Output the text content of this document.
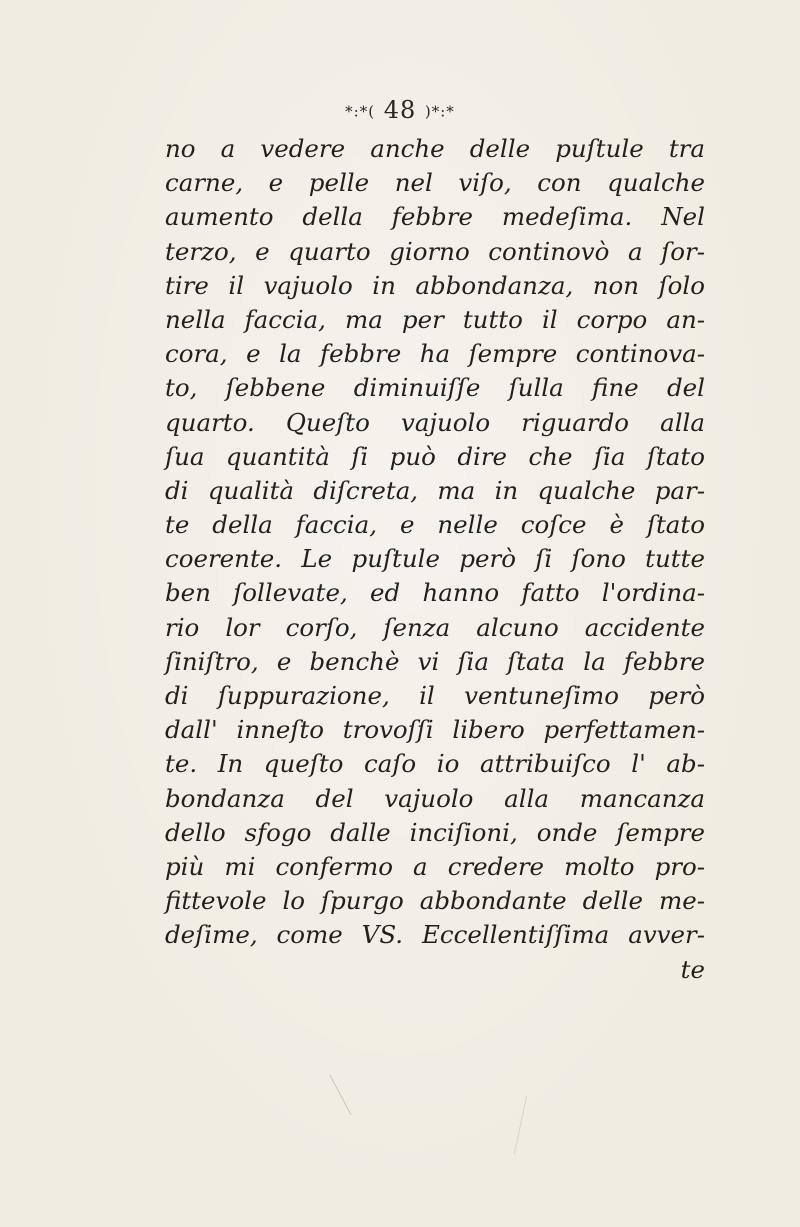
*:*( 48 )*:*
no a vedere anche delle puſtule tra
carne, e pelle nel viſo, con qualche
aumento della febbre medeſima. Nel
terzo, e quarto giorno continovò a ſor-
tire il vajuolo in abbondanza, non ſolo
nella faccia, ma per tutto il corpo an-
cora, e la febbre ha ſempre continova-
to, ſebbene diminuiſſe ſulla fine del
quarto. Queſto vajuolo riguardo alla
ſua quantità ſi può dire che ſia ſtato
di qualità diſcreta, ma in qualche par-
te della faccia, e nelle coſce è ſtato
coerente. Le puſtule però ſi ſono tutte
ben ſollevate, ed hanno fatto l'ordina-
rio lor corſo, ſenza alcuno accidente
ſiniſtro, e benchè vi ſia ſtata la febbre
di ſuppurazione, il ventuneſimo però
dall' inneſto trovoſſi libero perfettamen-
te. In queſto caſo io attribuiſco l' ab-
bondanza del vajuolo alla mancanza
dello sfogo dalle inciſioni, onde ſempre
più mi confermo a credere molto pro-
fittevole lo ſpurgo abbondante delle me-
deſime, come VS. Eccellentiſſima avver-
te
